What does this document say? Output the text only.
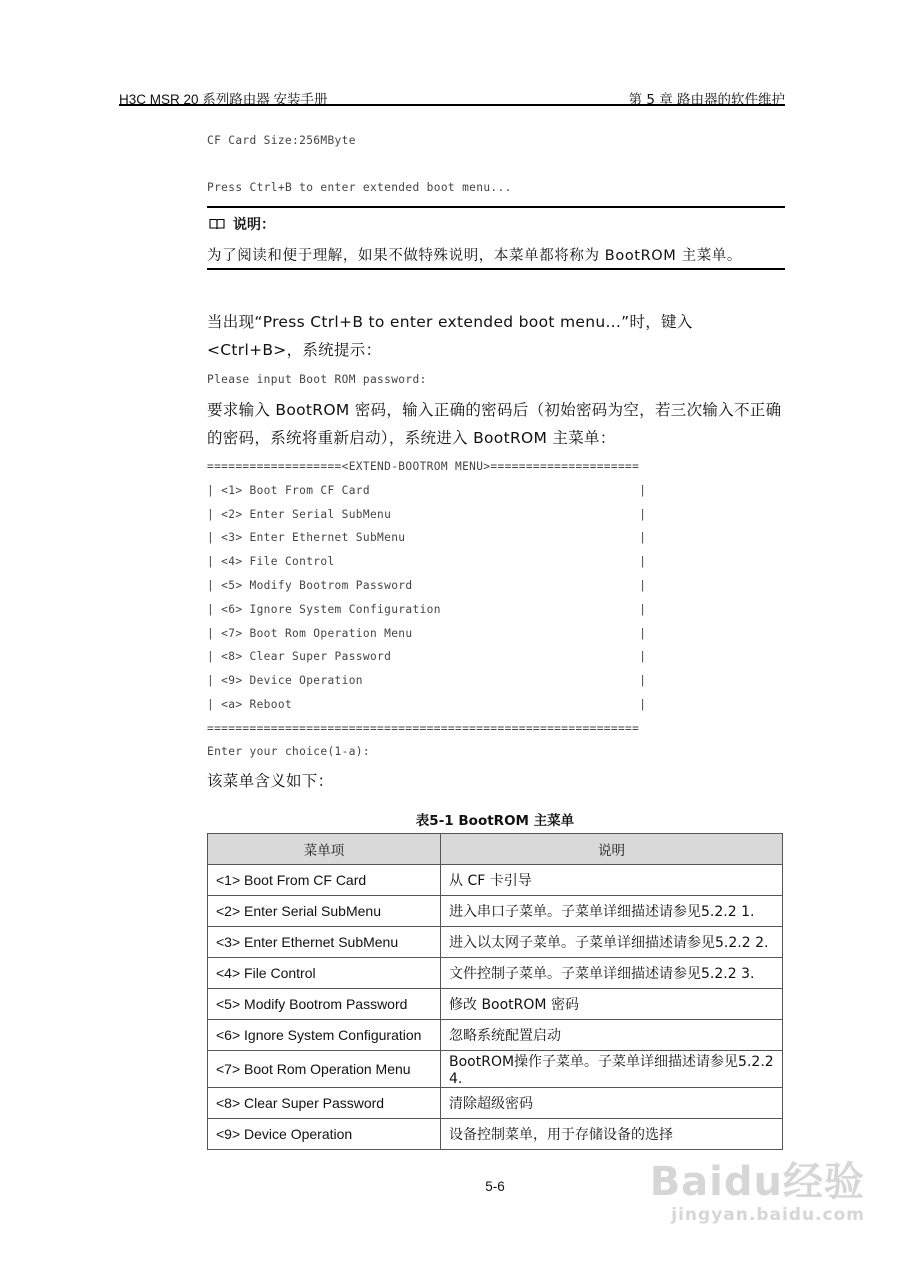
H3C MSR 20 系列路由器 安装手册	第 5 章 路由器的软件维护
CF Card Size:256MByte
Press Ctrl+B to enter extended boot menu...
说明：
为了阅读和便于理解，如果不做特殊说明，本菜单都将称为 BootROM 主菜单。
当出现“Press Ctrl+B to enter extended boot menu...”时，键入<Ctrl+B>，系统提示：
Please input Boot ROM password:
要求输入 BootROM 密码，输入正确的密码后（初始密码为空，若三次输入不正确的密码，系统将重新启动），系统进入 BootROM 主菜单：
===================<EXTEND-BOOTROM MENU>=====================
| <1> Boot From CF Card                                      |
| <2> Enter Serial SubMenu                                   |
| <3> Enter Ethernet SubMenu                                 |
| <4> File Control                                           |
| <5> Modify Bootrom Password                                |
| <6> Ignore System Configuration                            |
| <7> Boot Rom Operation Menu                                |
| <8> Clear Super Password                                   |
| <9> Device Operation                                       |
| <a> Reboot                                                 |
=============================================================
Enter your choice(1-a):
该菜单含义如下：
表5-1 BootROM 主菜单
菜单项	说明
<1> Boot From CF Card	从 CF 卡引导
<2> Enter Serial SubMenu	进入串口子菜单。子菜单详细描述请参见5.2.2 1.
<3> Enter Ethernet SubMenu	进入以太网子菜单。子菜单详细描述请参见5.2.2 2.
<4> File Control	文件控制子菜单。子菜单详细描述请参见5.2.2 3.
<5> Modify Bootrom Password	修改 BootROM 密码
<6> Ignore System Configuration	忽略系统配置启动
<7> Boot Rom Operation Menu	BootROM操作子菜单。子菜单详细描述请参见5.2.2 4.
<8> Clear Super Password	清除超级密码
<9> Device Operation	设备控制菜单，用于存储设备的选择
5-6	Baidu经验
jingyan.baidu.com
